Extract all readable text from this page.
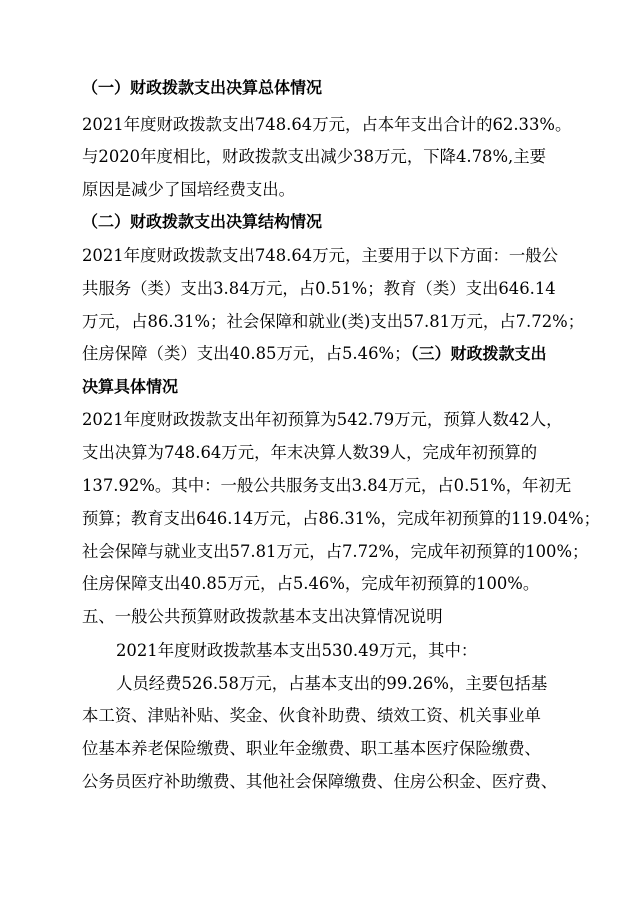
（一）财政拨款支出决算总体情况
2021年度财政拨款支出748.64万元，占本年支出合计的62.33%。
与2020年度相比，财政拨款支出减少38万元，下降4.78%,主要
原因是减少了国培经费支出。
（二）财政拨款支出决算结构情况
2021年度财政拨款支出748.64万元，主要用于以下方面：一般公
共服务（类）支出3.84万元，占0.51%；教育（类）支出646.14
万元，占86.31%；社会保障和就业(类)支出57.81万元，占7.72%；
住房保障（类）支出40.85万元，占5.46%；（三）财政拨款支出
决算具体情况
2021年度财政拨款支出年初预算为542.79万元，预算人数42人，
支出决算为748.64万元，年末决算人数39人，完成年初预算的
137.92%。其中：一般公共服务支出3.84万元，占0.51%，年初无
预算；教育支出646.14万元，占86.31%，完成年初预算的119.04%；
社会保障与就业支出57.81万元，占7.72%，完成年初预算的100%；
住房保障支出40.85万元，占5.46%，完成年初预算的100%。
五、一般公共预算财政拨款基本支出决算情况说明
2021年度财政拨款基本支出530.49万元，其中：
人员经费526.58万元，占基本支出的99.26%，主要包括基
本工资、津贴补贴、奖金、伙食补助费、绩效工资、机关事业单
位基本养老保险缴费、职业年金缴费、职工基本医疗保险缴费、
公务员医疗补助缴费、其他社会保障缴费、住房公积金、医疗费、
